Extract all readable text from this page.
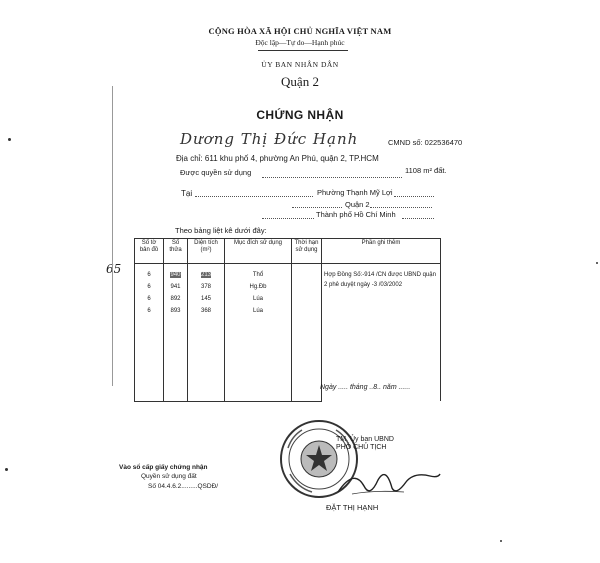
CỘNG HÒA XÃ HỘI CHỦ NGHĨA VIỆT NAM
Độc lập—Tự do—Hạnh phúc
ỦY BAN NHÂN DÂN
Quận 2
CHỨNG NHẬN
Dương Thị Đức Hạnh	CMND số: 022536470
Địa chỉ: 611 khu phố 4, phường An Phú, quận 2, TP.HCM
Được quyền sử dụng	1108 m² đất.
Tại	Phường Thạnh Mỹ Lợi
Quận 2
Thành phố Hồ Chí Minh
Theo bảng liệt kê dưới đây:
Số tờ bản đồ	Số thửa	Diện tích (m²)	Mục đích sử dụng	Thời hạn sử dụng	Phần ghi thêm
6	940	213	Thổ		Hợp Đồng Số:-914 /CN được UBND quận 2 phê duyệt ngày -3 /03/2002
6	941	378	Hg.Đb		
6	892	145	Lúa		
6	893	368	Lúa		
65
Ngày ..... tháng ..8.. năm ......
TM. Ủy ban UBND
PHÓ CHỦ TỊCH
ĐẶT THỊ HẠNH
Vào sổ cấp giấy chứng nhận
Quyền sử dụng đất
Số 04.4.6.2.........QSDĐ/
